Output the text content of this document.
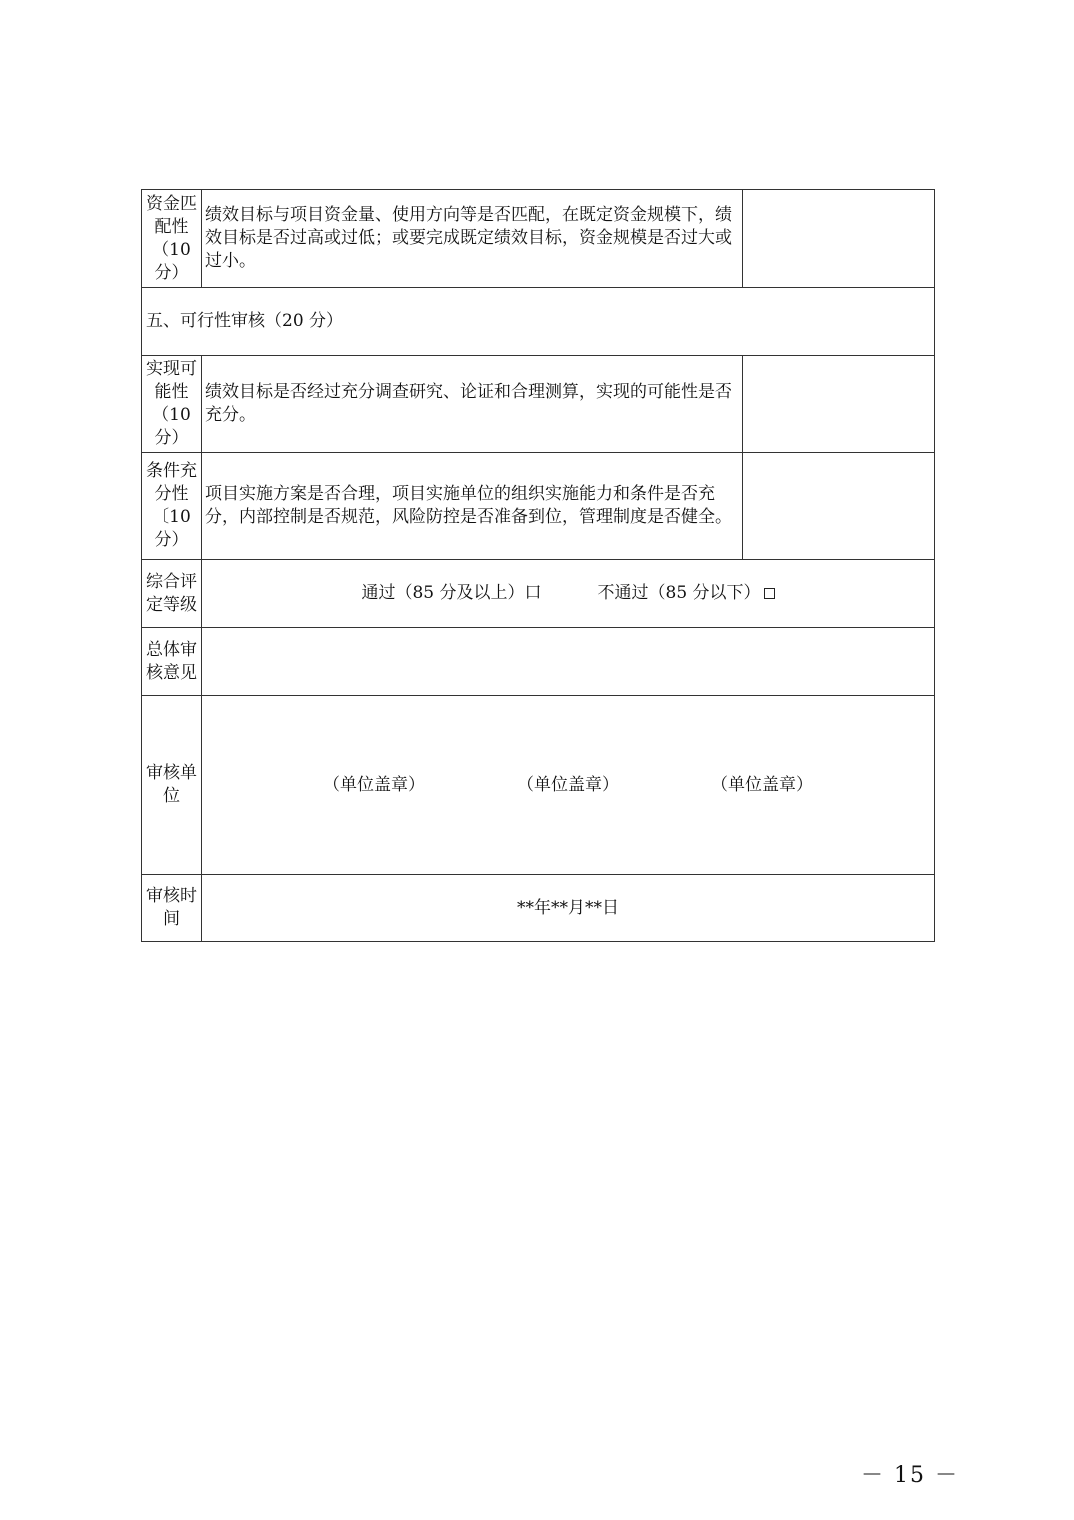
资金匹
配性
（10
分）	绩效目标与项目资金量、使用方向等是否匹配，在既定资金规模下，绩效目标是否过高或过低；或要完成既定绩效目标，资金规模是否过大或过小。	
五、可行性审核（20 分）		

实现可
能性
（10
分）	绩效目标是否经过充分调查研究、论证和合理测算，实现的可能性是否充分。	

条件充
分性
〔10
分）	项目实施方案是否合理，项目实施单位的组织实施能力和条件是否充分，内部控制是否规范，风险防控是否准备到位，管理制度是否健全。	

综合评
定等级	通过（85 分及以上）口 不通过（85 分以下）	

总体审
核意见		

审核单
位	（单位盖章） （单位盖章） （单位盖章）	

审核时
间	**年**月**日	
－ 15 －
